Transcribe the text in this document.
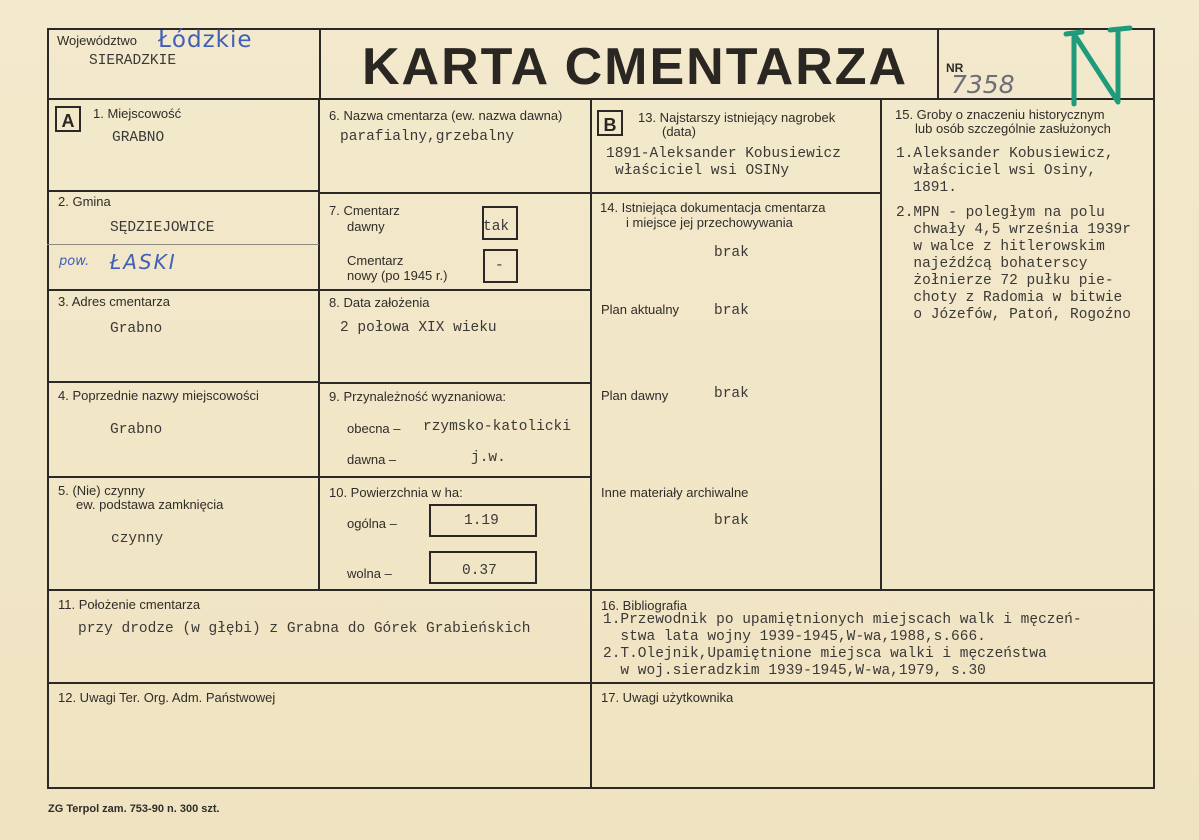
Województwo Łódzkie
SIERADZKIE	KARTA CMENTARZA	NR
7358
A	1. Miejscowość
GRABNO
2. Gmina
SĘDZIEJOWICE
pow. ŁASKI
3. Adres cmentarza
Grabno
4. Poprzednie nazwy miejscowości
Grabno
5. (Nie) czynny
ew. podstawa zamknięcia
czynny
6. Nazwa cmentarza (ew. nazwa dawna)
parafialny,grzebalny
7. Cmentarz
dawny	tak
Cmentarz
nowy (po 1945 r.)
-
8. Data założenia
2 połowa XIX wieku
9. Przynależność wyznaniowa:
obecna – rzymsko-katolicki
dawna –	j.w.
10. Powierzchnia w ha:
ogólna –	1.19
wolna –	0.37
B	13. Najstarszy istniejący nagrobek
(data)
1891-Aleksander Kobusiewicz
właściciel wsi OSINy
14. Istniejąca dokumentacja cmentarza
i miejsce jej przechowywania
brak
Plan aktualny brak
Plan dawny	brak
Inne materiały archiwalne
brak
15. Groby o znaczeniu historycznym
lub osób szczególnie zasłużonych
1.Aleksander Kobusiewicz,
właściciel wsi Osiny,
1891.
2.MPN - poległym na polu
chwały 4,5 września 1939r
w walce z hitlerowskim
najeźdźcą bohaterscy
żołnierze 72 pułku pie-
choty z Radomia w bitwie
o Józefów, Patoń, Rogoźno
11. Położenie cmentarza
przy drodze (w głębi) z Grabna do Górek Grabieńskich
16. Bibliografia
1.Przewodnik po upamiętnionych miejscach walk i męczeń-
stwa lata wojny 1939-1945,W-wa,1988,s.666.
2.T.Olejnik,Upamiętnione miejsca walki i męczeństwa
w woj.sieradzkim 1939-1945,W-wa,1979, s.30
12. Uwagi Ter. Org. Adm. Państwowej	17. Uwagi użytkownika
ZG Terpol zam. 753-90 n. 300 szt.
